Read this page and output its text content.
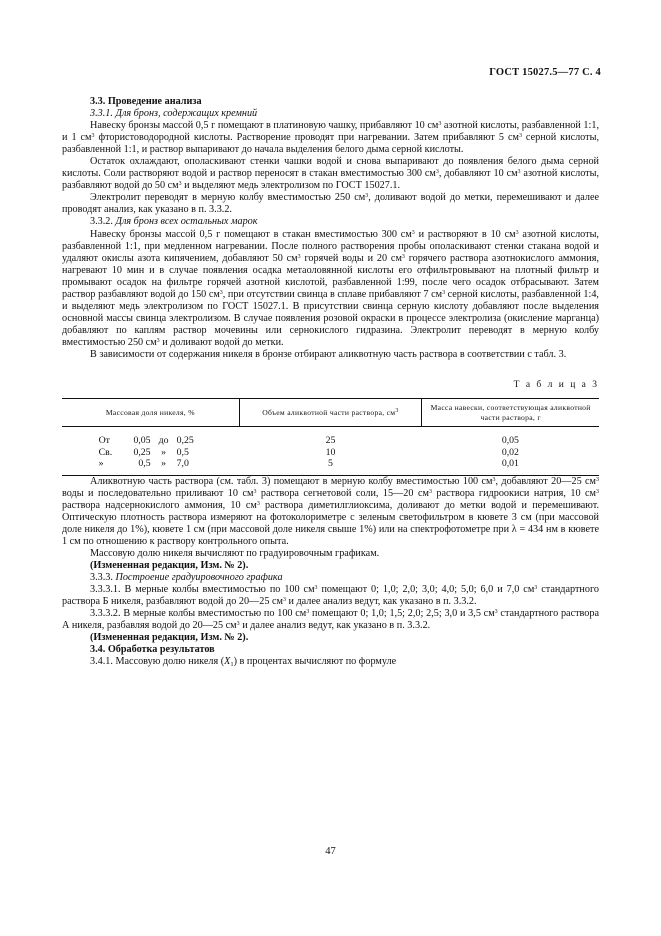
ГОСТ 15027.5—77 С. 4

3.3. Проведение анализа

3.3.1. Для бронз, содержащих кремний

Навеску бронзы массой 0,5 г помещают в платиновую чашку, прибавляют 10 $см^3$ азотной кислоты, разбавленной 1:1, и 1 $см^3$ фтористоводородной кислоты. Растворение проводят при нагревании. Затем прибавляют 5 $см^3$ серной кислоты, разбавленной 1:1, и раствор выпаривают до начала выделения белого дыма серной кислоты.

Остаток охлаждают, ополаскивают стенки чашки водой и снова выпаривают до появления белого дыма серной кислоты. Соли растворяют водой и раствор переносят в стакан вместимостью 300 $см^3$, добавляют 10 $см^3$ азотной кислоты, разбавляют водой до 50 $см^3$ и выделяют медь электролизом по ГОСТ 15027.1.

Электролит переводят в мерную колбу вместимостью 250 $см^3$, доливают водой до метки, перемешивают и далее проводят анализ, как указано в п. 3.3.2.

3.3.2. Для бронз всех остальных марок

Навеску бронзы массой 0,5 г помещают в стакан вместимостью 300 $см^3$ и растворяют в 10 $см^3$ азотной кислоты, разбавленной 1:1, при медленном нагревании. После полного растворения пробы ополаскивают стенки стакана водой и удаляют окислы азота кипячением, добавляют 50 $см^3$ горячей воды и 20 $см^3$ горячего раствора азотнокислого аммония, нагревают 10 мин и в случае появления осадка метаоловянной кислоты его отфильтровывают на плотный фильтр и промывают осадок на фильтре горячей азотной кислотой, разбавленной 1:99, после чего осадок отбрасывают. Затем раствор разбавляют водой до 150 $см^3$, при отсутствии свинца в сплаве прибавляют 7 $см^3$ серной кислоты, разбавленной 1:4, и выделяют медь электролизом по ГОСТ 15027.1. В присутствии свинца серную кислоту добавляют после выделения основной массы свинца электролизом. В случае появления розовой окраски в процессе электролиза (окисление марганца) добавляют по каплям раствор мочевины или сернокислого гидразина. Электролит переводят в мерную колбу вместимостью 250 $см^3$ и доливают водой до метки.

В зависимости от содержания никеля в бронзе отбирают аликвотную часть раствора в соответствии с табл. 3.

Т а б л и ц а 3
Массовая доля никеля, %	Объем аликвотной части раствора, $см^3$	Масса навески, соответствующая аликвотной части раствора, г
От 0,05 до 0,25	25	0,05
Св. 0,25 » 0,5	10	0,02
» 0,5 » 7,0	5	0,01

Аликвотную часть раствора (см. табл. 3) помещают в мерную колбу вместимостью 100 $см^3$, добавляют 20—25 $см^3$ воды и последовательно приливают 10 $см^3$ раствора сегнетовой соли, 15—20 $см^3$ раствора гидроокиси натрия, 10 $см^3$ раствора надсернокислого аммония, 10 $см^3$ раствора диметилглиоксима, доливают до метки водой и перемешивают. Оптическую плотность раствора измеряют на фотоколориметре с зеленым светофильтром в кювете 3 см (при массовой доле никеля до 1%), кювете 1 см (при массовой доле никеля свыше 1%) или на спектрофотометре при λ = 434 нм в кювете 1 см по отношению к раствору контрольного опыта.

Массовую долю никеля вычисляют по градуировочным графикам.

(Измененная редакция, Изм. № 2).

3.3.3. Построение градуировочного графика

3.3.3.1. В мерные колбы вместимостью по 100 $см^3$ помещают 0; 1,0; 2,0; 3,0; 4,0; 5,0; 6,0 и 7,0 $см^3$ стандартного раствора Б никеля, разбавляют водой до 20—25 $см^3$ и далее анализ ведут, как указано в п. 3.3.2.

3.3.3.2. В мерные колбы вместимостью по 100 $см^3$ помещают 0; 1,0; 1,5; 2,0; 2,5; 3,0 и 3,5 $см^3$ стандартного раствора А никеля, разбавляя водой до 20—25 $см^3$ и далее анализ ведут, как указано в п. 3.3.2.

(Измененная редакция, Изм. № 2).

3.4. Обработка результатов

3.4.1. Массовую долю никеля $(X_1)$ в процентах вычисляют по формуле

47
